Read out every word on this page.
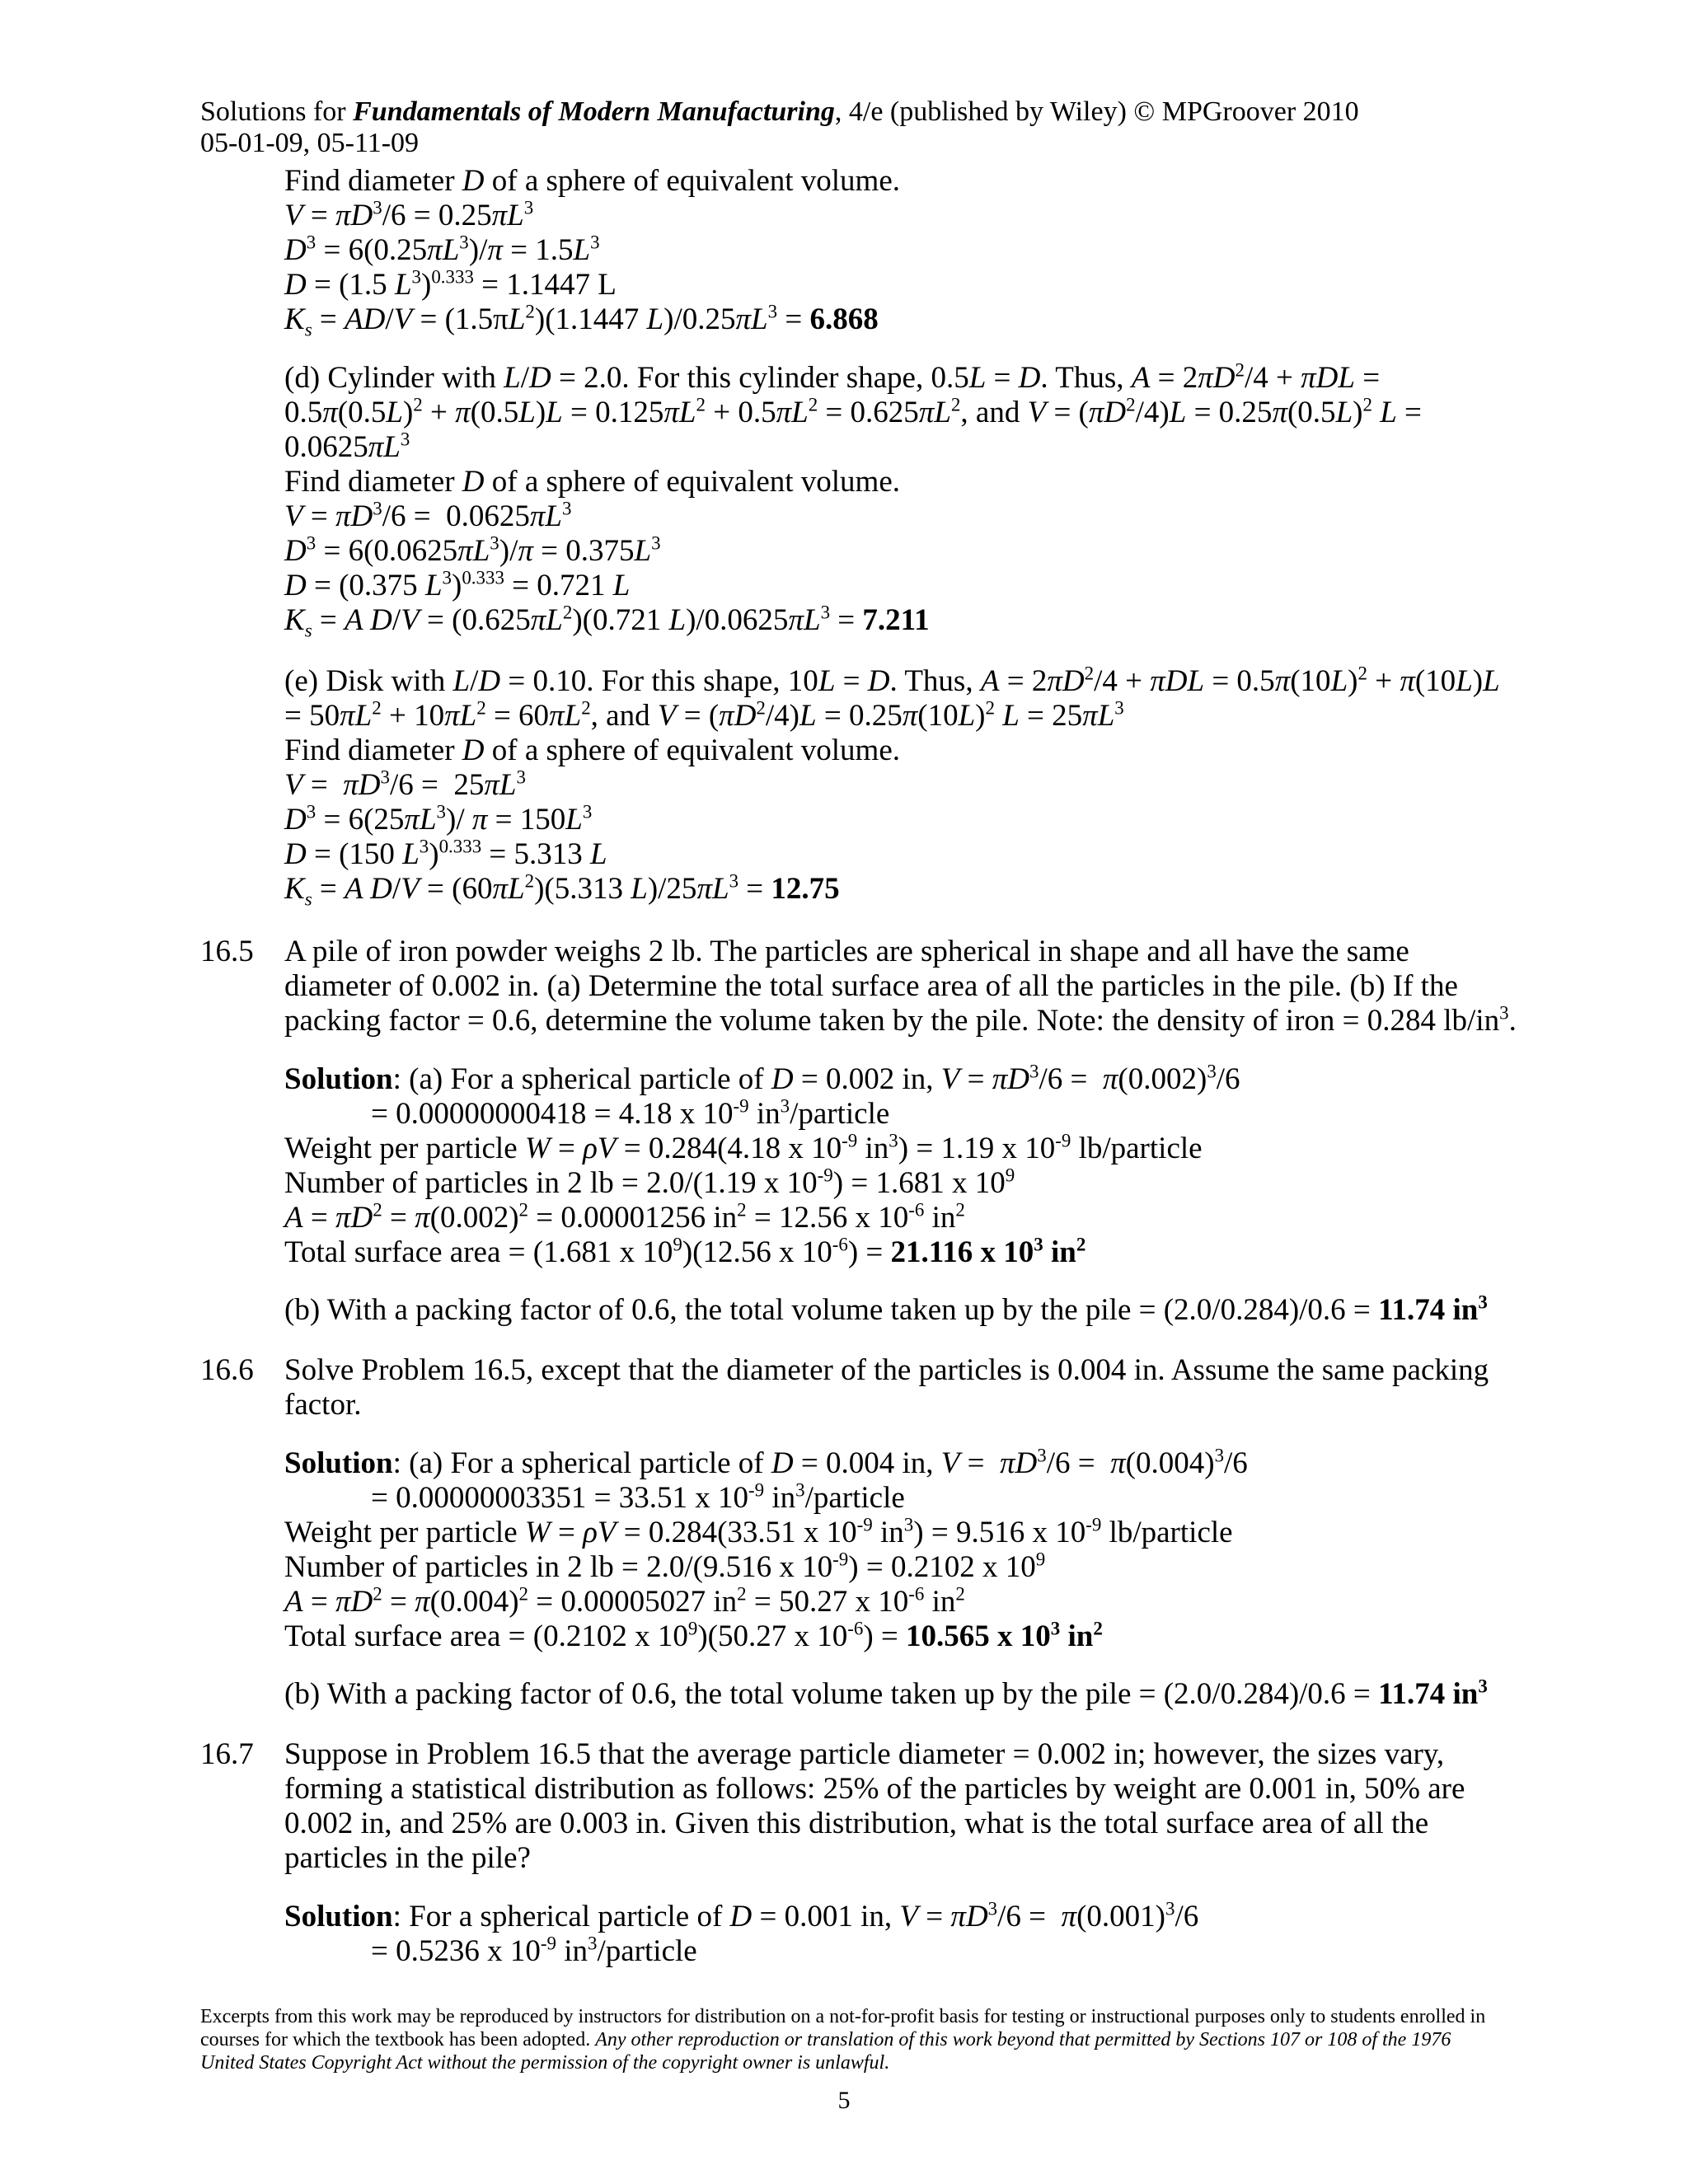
Solutions for Fundamentals of Modern Manufacturing, 4/e (published by Wiley) © MPGroover 2010
05-01-09, 05-11-09
Find diameter D of a sphere of equivalent volume.
$V = \pi D^3/6 = 0.25\pi L^3$
$D^3 = 6(0.25\pi L^3)/\pi = 1.5L^3$
D = (1.5 $L^3)^{0.333} = 1.1447$ L
$K_s = AD/V = (1.5\pi L^2)(1.1447$ $L)/0.25\pi L^3 = 6.868$
(d) Cylinder with L/D = 2.0. For this cylinder shape, 0.5L = D. Thus, $A = 2\pi D^2/4 + \pi DL$ =
$0.5\pi(0.5L)^2 + \pi(0.5L)L = 0.125\pi L^2 + 0.5\pi L^2 = 0.625\pi L^2$, and $V = (\pi D^2/4)L = 0.25\pi(0.5L)^2$ L =
$0.0625\pi L^3$
Find diameter D of a sphere of equivalent volume.
$V = \pi D^3/6 = 0.0625\pi L^3$
$D^3 = 6(0.0625\pi L^3)/\pi = 0.375L^3$
D = (0.375 $L^3)^{0.333} = 0.721$ L
$K_s = A$ $D/V = (0.625\pi L^2)(0.721$ $L)/0.0625\pi L^3 = 7.211$
(e) Disk with L/D = 0.10. For this shape, 10L = D. Thus, $A = 2\pi D^2/4 + \pi DL = 0.5\pi(10L)^2 + \pi(10L)L$
= $50\pi L^2 + 10\pi L^2 = 60\pi L^2$, and $V = (\pi D^2/4)L = 0.25\pi(10L)^2$ $L = 25\pi L^3$
Find diameter D of a sphere of equivalent volume.
$V = \pi D^3/6 = 25\pi L^3$
$D^3 = 6(25\pi L^3)/$ $\pi = 150L^3$
D = (150 $L^3)^{0.333} = 5.313$ L
$K_s = A$ $D/V = (60\pi L^2)(5.313$ $L)/25\pi L^3 = 12.75$
16.5 A pile of iron powder weighs 2 lb. The particles are spherical in shape and all have the same
diameter of 0.002 in. (a) Determine the total surface area of all the particles in the pile. (b) If the
packing factor = 0.6, determine the volume taken by the pile. Note: the density of iron = 0.284 $lb/in^3$.
Solution: (a) For a spherical particle of D = 0.002 in, $V = \pi D^3/6 = \pi(0.002)^3/6$
= 0.00000000418 = 4.18 x $10^{-9}$ $in^3$/particle
Weight per particle W = ρV = 0.284(4.18 x $10^{-9}$ $in^3) = 1.19$ x $10^{-9}$ lb/particle
Number of particles in 2 lb = 2.0/(1.19 x $10^{-9}) = 1.681$ x $10^9$
$A = \pi D^2 = \pi(0.002)^2 = 0.00001256$ $in^2 = 12.56$ x $10^{-6}$ $in^2$
Total surface area = (1.681 x $10^9)(12.56$ x $10^{-6}) = 21.116$ x $10^3$ $in^2$
(b) With a packing factor of 0.6, the total volume taken up by the pile = (2.0/0.284)/0.6 = 11.74 $in^3$
16.6 Solve Problem 16.5, except that the diameter of the particles is 0.004 in. Assume the same packing
factor.
Solution: (a) For a spherical particle of D = 0.004 in, $V = \pi D^3/6 = \pi(0.004)^3/6$
= 0.00000003351 = 33.51 x $10^{-9}$ $in^3$/particle
Weight per particle W = ρV = 0.284(33.51 x $10^{-9}$ $in^3) = 9.516$ x $10^{-9}$ lb/particle
Number of particles in 2 lb = 2.0/(9.516 x $10^{-9}) = 0.2102$ x $10^9$
$A = \pi D^2 = \pi(0.004)^2 = 0.00005027$ $in^2 = 50.27$ x $10^{-6}$ $in^2$
Total surface area = (0.2102 x $10^9)(50.27$ x $10^{-6}) = 10.565$ x $10^3$ $in^2$
(b) With a packing factor of 0.6, the total volume taken up by the pile = (2.0/0.284)/0.6 = 11.74 $in^3$
16.7 Suppose in Problem 16.5 that the average particle diameter = 0.002 in; however, the sizes vary,
forming a statistical distribution as follows: 25% of the particles by weight are 0.001 in, 50% are
0.002 in, and 25% are 0.003 in. Given this distribution, what is the total surface area of all the
particles in the pile?
Solution: For a spherical particle of D = 0.001 in, $V = \pi D^3/6 = \pi(0.001)^3/6$
= 0.5236 x $10^{-9}$ $in^3$/particle
Excerpts from this work may be reproduced by instructors for distribution on a not-for-profit basis for testing or instructional purposes only to students enrolled in courses for which the textbook has been adopted. Any other reproduction or translation of this work beyond that permitted by Sections 107 or 108 of the 1976 United States Copyright Act without the permission of the copyright owner is unlawful.
5
